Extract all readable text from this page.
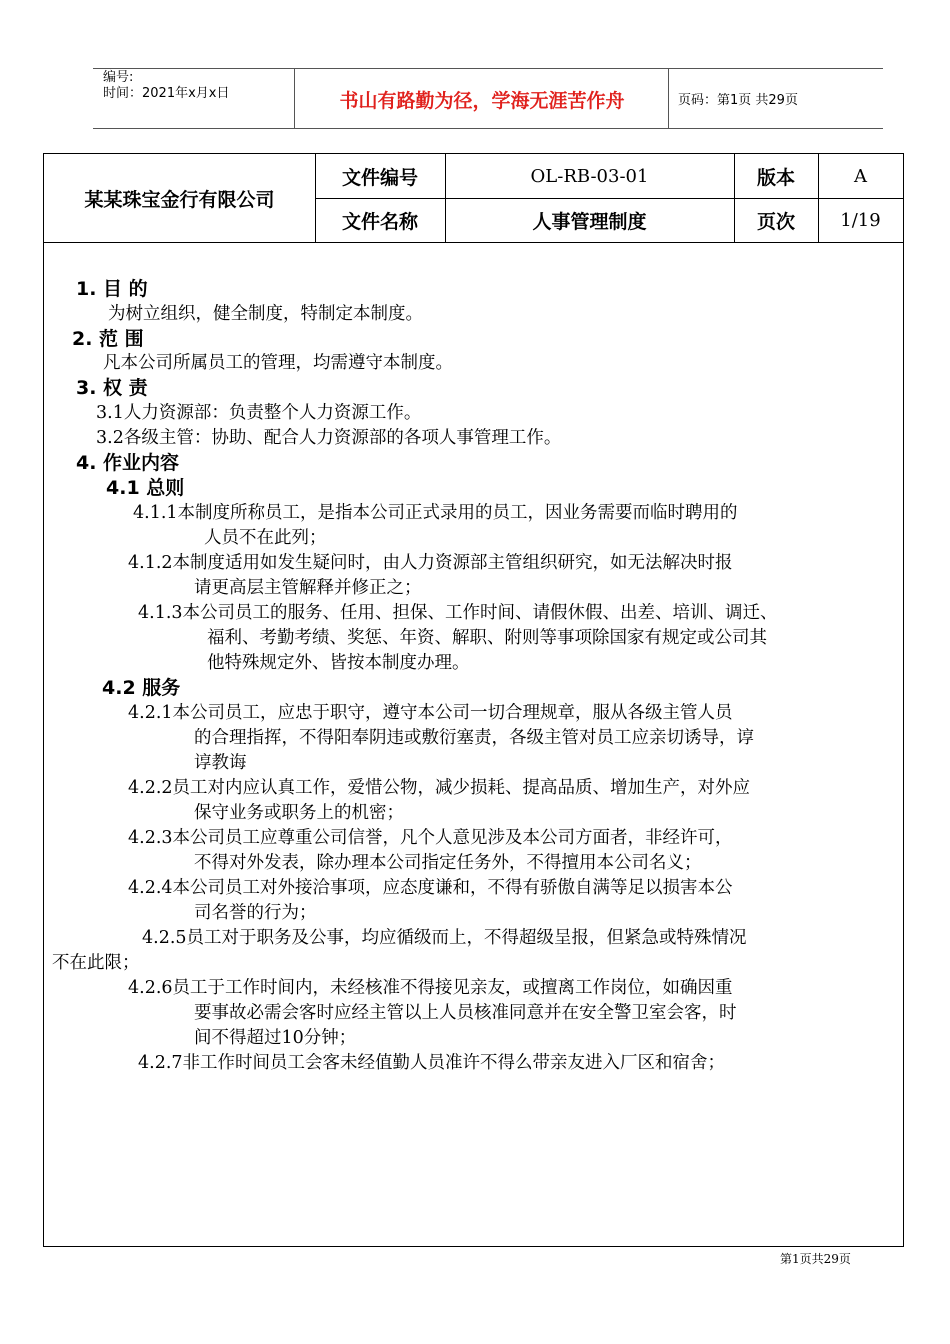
编号:
时间：2021年x月x日	书山有路勤为径，学海无涯苦作舟	页码：第1页 共29页
某某珠宝金行有限公司
文件编号	OL-RB-03-01	版本	A
文件名称	人事管理制度	页次	1/19
1. 目 的
为树立组织，健全制度，特制定本制度。
2. 范 围
凡本公司所属员工的管理，均需遵守本制度。
3. 权 责
3.1人力资源部：负责整个人力资源工作。
3.2各级主管：协助、配合人力资源部的各项人事管理工作。
4. 作业内容
4.1 总则
4.1.1本制度所称员工，是指本公司正式录用的员工，因业务需要而临时聘用的
人员不在此列；
4.1.2本制度适用如发生疑问时，由人力资源部主管组织研究，如无法解决时报
请更高层主管解释并修正之；
4.1.3本公司员工的服务、任用、担保、工作时间、请假休假、出差、培训、调迁、
福利、考勤考绩、奖惩、年资、解职、附则等事项除国家有规定或公司其
他特殊规定外、皆按本制度办理。
4.2 服务
4.2.1本公司员工，应忠于职守，遵守本公司一切合理规章，服从各级主管人员
的合理指挥，不得阳奉阴违或敷衍塞责，各级主管对员工应亲切诱导，谆
谆教诲
4.2.2员工对内应认真工作，爱惜公物，减少损耗、提高品质、增加生产，对外应
保守业务或职务上的机密；
4.2.3本公司员工应尊重公司信誉，凡个人意见涉及本公司方面者，非经许可，
不得对外发表，除办理本公司指定任务外，不得擅用本公司名义；
4.2.4本公司员工对外接洽事项，应态度谦和，不得有骄傲自满等足以损害本公
司名誉的行为；
4.2.5员工对于职务及公事，均应循级而上，不得超级呈报，但紧急或特殊情况
不在此限；
4.2.6员工于工作时间内，未经核准不得接见亲友，或擅离工作岗位，如确因重
要事故必需会客时应经主管以上人员核准同意并在安全警卫室会客，时
间不得超过10分钟；
4.2.7非工作时间员工会客未经值勤人员准许不得么带亲友进入厂区和宿舍；
第1页共29页
